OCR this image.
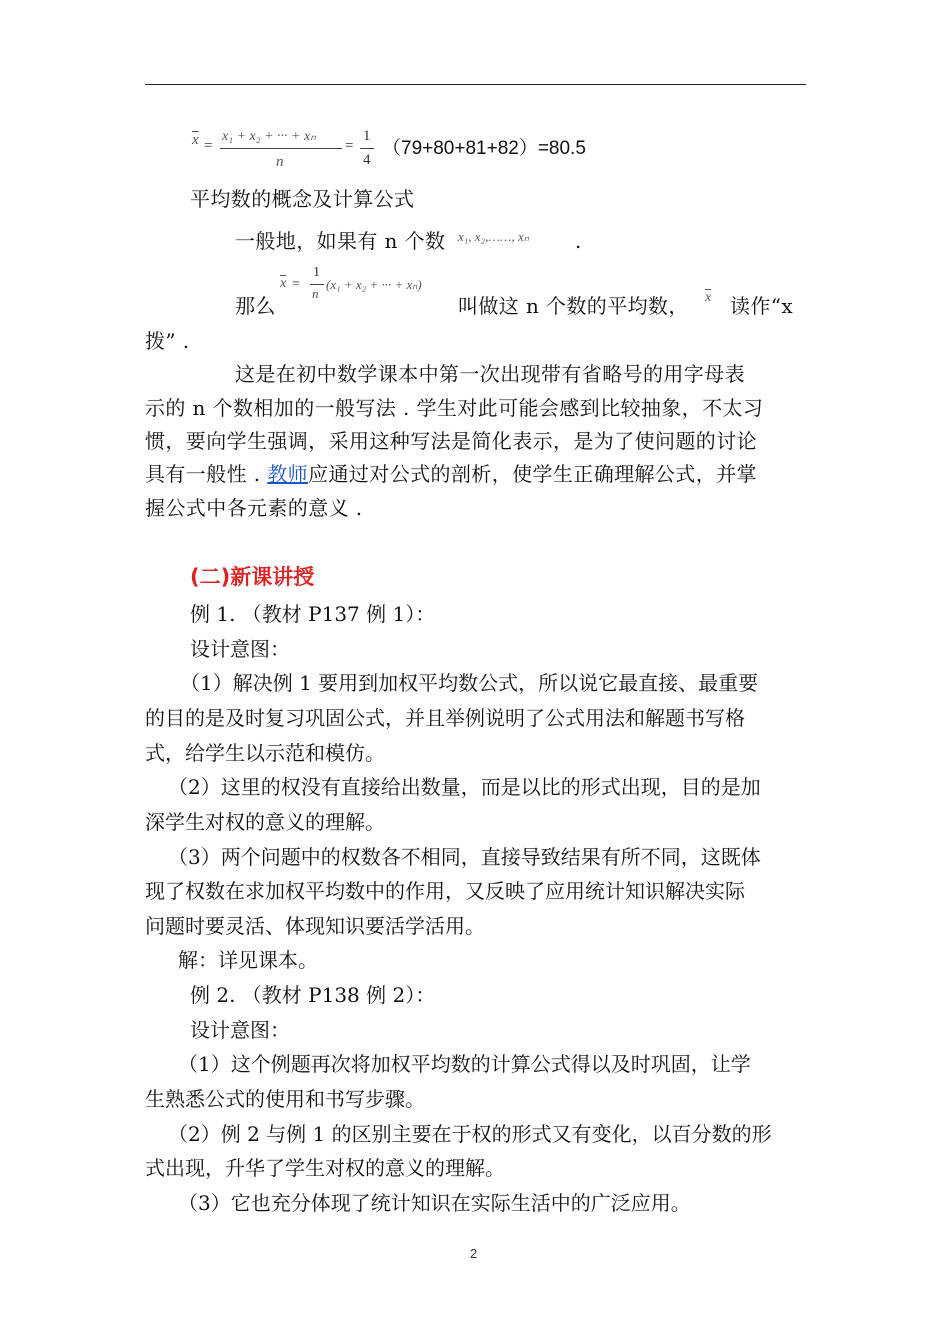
$\overline{x}$ =
x₁ + x₂ + ··· + xₙ
n
=
1
4
（79+80+81+82）=80.5
平均数的概念及计算公式
一般地，如果有 n 个数 x₁, x₂,……, xₙ .
$\overline{x}$ =
1
n
(x₁ + x₂ + ··· + xₙ)
那么	叫做这 n 个数的平均数， $\overline{x}$ 读作“x
拨” .
这是在初中数学课本中第一次出现带有省略号的用字母表
示的 n 个数相加的一般写法 . 学生对此可能会感到比较抽象，不太习
惯，要向学生强调，采用这种写法是简化表示，是为了使问题的讨论
具有一般性 . 教师应通过对公式的剖析，使学生正确理解公式，并掌
握公式中各元素的意义 .
(二)新课讲授
例 1. （教材 P137 例 1）：
设计意图：
（1）解决例 1 要用到加权平均数公式，所以说它最直接、最重要
的目的是及时复习巩固公式，并且举例说明了公式用法和解题书写格
式，给学生以示范和模仿。
（2）这里的权没有直接给出数量，而是以比的形式出现，目的是加
深学生对权的意义的理解。
（3）两个问题中的权数各不相同，直接导致结果有所不同，这既体
现了权数在求加权平均数中的作用，又反映了应用统计知识解决实际
问题时要灵活、体现知识要活学活用。
解：详见课本。
例 2. （教材 P138 例 2）：
设计意图：
（1）这个例题再次将加权平均数的计算公式得以及时巩固，让学
生熟悉公式的使用和书写步骤。
（2）例 2 与例 1 的区别主要在于权的形式又有变化，以百分数的形
式出现，升华了学生对权的意义的理解。
（3）它也充分体现了统计知识在实际生活中的广泛应用。
2
